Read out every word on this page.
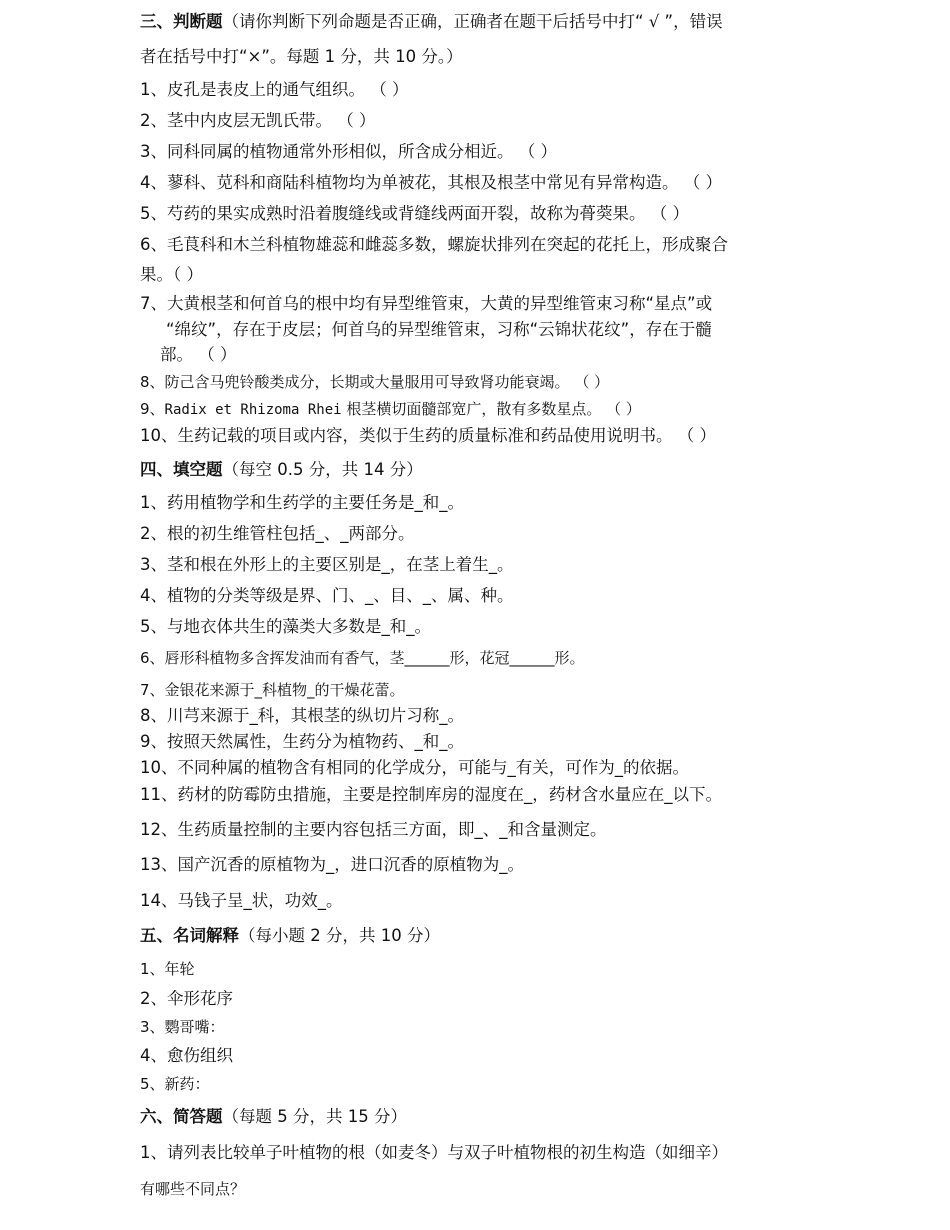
三、判断题（请你判断下列命题是否正确，正确者在题干后括号中打“ √ ”，错误
者在括号中打“×”。每题 1 分，共 10 分。）
1、皮孔是表皮上的通气组织。 （ ）
2、茎中内皮层无凯氏带。 （ ）
3、同科同属的植物通常外形相似，所含成分相近。 （ ）
4、蓼科、苋科和商陆科植物均为单被花，其根及根茎中常见有异常构造。 （ ）
5、芍药的果实成熟时沿着腹缝线或背缝线两面开裂，故称为蓇葖果。 （ ）
6、毛茛科和木兰科植物雄蕊和雌蕊多数，螺旋状排列在突起的花托上，形成聚合
果。（ ）
7、大黄根茎和何首乌的根中均有异型维管束，大黄的异型维管束习称“星点”或
“绵纹”，存在于皮层；何首乌的异型维管束，习称“云锦状花纹”，存在于髓
部。 （ ）
8、防己含马兜铃酸类成分，长期或大量服用可导致肾功能衰竭。 （ ）
9、Radix et Rhizoma Rhei 根茎横切面髓部宽广，散有多数星点。 （ ）
10、生药记载的项目或内容，类似于生药的质量标准和药品使用说明书。 （ ）
四、填空题（每空 0.5 分，共 14 分）
1、药用植物学和生药学的主要任务是_和_。
2、根的初生维管柱包括_、_两部分。
3、茎和根在外形上的主要区别是_，在茎上着生_。
4、植物的分类等级是界、门、_、目、_、属、种。
5、与地衣体共生的藻类大多数是_和_。
6、唇形科植物多含挥发油而有香气，茎______形，花冠______形。
7、金银花来源于_科植物_的干燥花蕾。
8、川芎来源于_科，其根茎的纵切片习称_。
9、按照天然属性，生药分为植物药、_和_。
10、不同种属的植物含有相同的化学成分，可能与_有关，可作为_的依据。
11、药材的防霉防虫措施，主要是控制库房的湿度在_，药材含水量应在_以下。
12、生药质量控制的主要内容包括三方面，即_、_和含量测定。
13、国产沉香的原植物为_，进口沉香的原植物为_。
14、马钱子呈_状，功效_。
五、名词解释（每小题 2 分，共 10 分）
1、年轮
2、伞形花序
3、鹦哥嘴：
4、愈伤组织
5、新药：
六、简答题（每题 5 分，共 15 分）
1、请列表比较单子叶植物的根（如麦冬）与双子叶植物根的初生构造（如细辛）
有哪些不同点？
